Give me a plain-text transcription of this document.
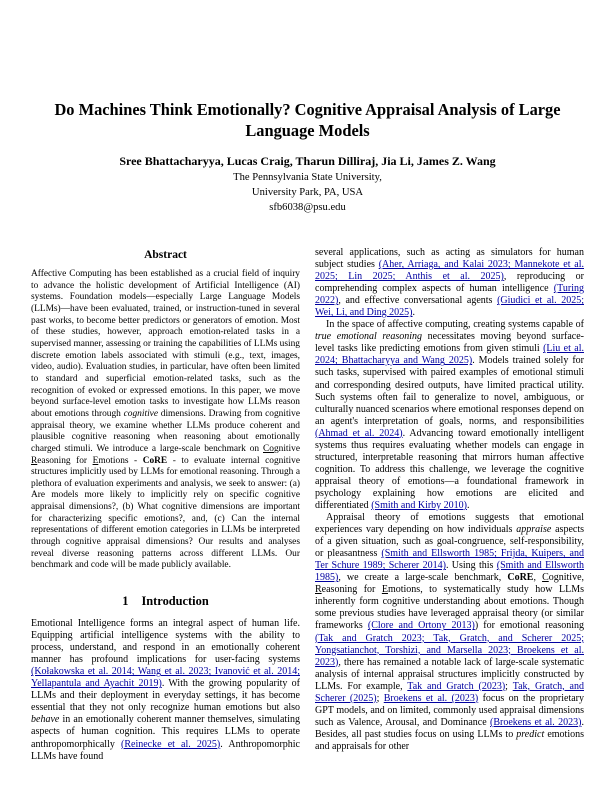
Do Machines Think Emotionally? Cognitive Appraisal Analysis of Large Language Models
Sree Bhattacharyya, Lucas Craig, Tharun Dilliraj, Jia Li, James Z. Wang
The Pennsylvania State University,
University Park, PA, USA
sfb6038@psu.edu
Abstract

Affective Computing has been established as a crucial field of inquiry to advance the holistic development of Artificial Intelligence (AI) systems. Foundation models—especially Large Language Models (LLMs)—have been evaluated, trained, or instruction-tuned in several past works, to become better predictors or generators of emotion. Most of these studies, however, approach emotion-related tasks in a supervised manner, assessing or training the capabilities of LLMs using discrete emotion labels associated with stimuli (e.g., text, images, video, audio). Evaluation studies, in particular, have often been limited to standard and superficial emotion-related tasks, such as the recognition of evoked or expressed emotions. In this paper, we move beyond surface-level emotion tasks to investigate how LLMs reason about emotions through cognitive dimensions. Drawing from cognitive appraisal theory, we examine whether LLMs produce coherent and plausible cognitive reasoning when reasoning about emotionally charged stimuli. We introduce a large-scale benchmark on Cognitive Reasoning for Emotions - CoRE - to evaluate internal cognitive structures implicitly used by LLMs for emotional reasoning. Through a plethora of evaluation experiments and analysis, we seek to answer: (a) Are models more likely to implicitly rely on specific cognitive appraisal dimensions?, (b) What cognitive dimensions are important for characterizing specific emotions?, and, (c) Can the internal representations of different emotion categories in LLMs be interpreted through cognitive appraisal dimensions? Our results and analyses reveal diverse reasoning patterns across different LLMs. Our benchmark and code will be made publicly available.

1 Introduction

Emotional Intelligence forms an integral aspect of human life. Equipping artificial intelligence systems with the ability to process, understand, and respond in an emotionally coherent manner has profound implications for user-facing systems (Kołakowska et al. 2014; Wang et al. 2023; Ivanović et al. 2014; Yellapantula and Ayachit 2019). With the growing popularity of LLMs and their deployment in everyday settings, it has become essential that they not only recognize human emotions but also behave in an emotionally coherent manner themselves, simulating aspects of human cognition. This requires LLMs to operate anthropomorphically (Reinecke et al. 2025). Anthropomorphic LLMs have found

several applications, such as acting as simulators for human subject studies (Aher, Arriaga, and Kalai 2023; Mannekote et al. 2025; Lin 2025; Anthis et al. 2025), reproducing or comprehending complex aspects of human intelligence (Turing 2022), and effective conversational agents (Giudici et al. 2025; Wei, Li, and Ding 2025).

In the space of affective computing, creating systems capable of true emotional reasoning necessitates moving beyond surface-level tasks like predicting emotions from given stimuli (Liu et al. 2024; Bhattacharyya and Wang 2025). Models trained solely for such tasks, supervised with paired examples of emotional stimuli and corresponding desired outputs, have limited practical utility. Such systems often fail to generalize to novel, ambiguous, or culturally nuanced scenarios where emotional responses depend on an agent's interpretation of goals, norms, and responsibilities (Ahmad et al. 2024). Advancing toward emotionally intelligent systems thus requires evaluating whether models can engage in structured, interpretable reasoning that mirrors human affective cognition. To address this challenge, we leverage the cognitive appraisal theory of emotions—a foundational framework in psychology explaining how emotions are elicited and differentiated (Smith and Kirby 2010).

Appraisal theory of emotions suggests that emotional experiences vary depending on how individuals appraise aspects of a given situation, such as goal-congruence, self-responsibility, or pleasantness (Smith and Ellsworth 1985; Frijda, Kuipers, and Ter Schure 1989; Scherer 2014). Using this (Smith and Ellsworth 1985), we create a large-scale benchmark, CoRE, Cognitive, Reasoning for Emotions, to systematically study how LLMs inherently form cognitive understanding about emotions. Though some previous studies have leveraged appraisal theory (or similar frameworks (Clore and Ortony 2013)) for emotional reasoning (Tak and Gratch 2023; Tak, Gratch, and Scherer 2025; Yongsatianchot, Torshizi, and Marsella 2023; Broekens et al. 2023), there has remained a notable lack of large-scale systematic analysis of internal appraisal structures implicitly constructed by LLMs. For example, Tak and Gratch (2023); Tak, Gratch, and Scherer (2025); Broekens et al. (2023) focus on the proprietary GPT models, and on limited, commonly used appraisal dimensions such as Valence, Arousal, and Dominance (Broekens et al. 2023). Besides, all past studies focus on using LLMs to predict emotions and appraisals for other
